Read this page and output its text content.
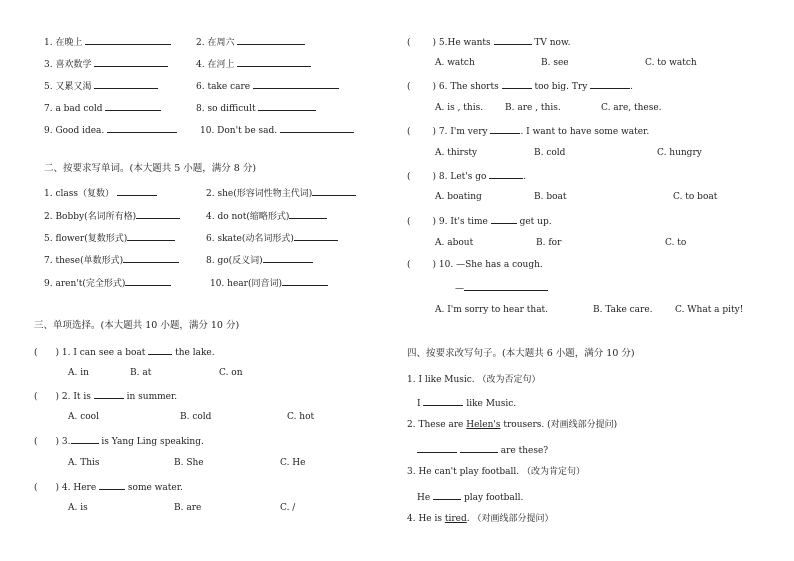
1. 在晚上	2. 在周六
3. 喜欢数学	4. 在河上
5. 又累又渴	6. take care
7. a bad cold	8. so difficult
9. Good idea.	10. Don't be sad.
二、按要求写单词。(本大题共 5 小题，满分 8 分)
1. class（复数）	2. she(形容词性物主代词)
2. Bobby(名词所有格)	4. do not(缩略形式)
5. flower(复数形式)	6. skate(动名词形式)
7. these(单数形式)	8. go(反义词)
9. aren't(完全形式)	10. hear(同音词)
三、单项选择。(本大题共 10 小题，满分 10 分)
( ) 1. I can see a boat	the lake.
A. in	B. at	C. on
( ) 2. It is	in summer.
A. cool	B. cold	C. hot
( ) 3.	is Yang Ling speaking.
A. This	B. She	C. He
( ) 4. Here	some water.
A. is	B. are	C. /
( ) 5.He wants	TV now.
A. watch	B. see	C. to watch
( ) 6. The shorts	too big. Try	.
A. is , this. B. are , this.	C. are, these.
( ) 7. I'm very	. I want to have some water.
A. thirsty	B. cold	C. hungry
( ) 8. Let's go	.
A. boating	B. boat	C. to boat
( ) 9. It's time	get up.
A. about	B. for	C. to
( ) 10. —She has a cough.
—
A. I'm sorry to hear that.	B. Take care. C. What a pity!
四、按要求改写句子。(本大题共 6 小题，满分 10 分)
1. I like Music. （改为否定句）
I	like Music.
2. These are Helen's trousers. (对画线部分提问)
are these?
3. He can't play football. （改为肯定句）
He	play football.
4. He is tired. （对画线部分提问）
